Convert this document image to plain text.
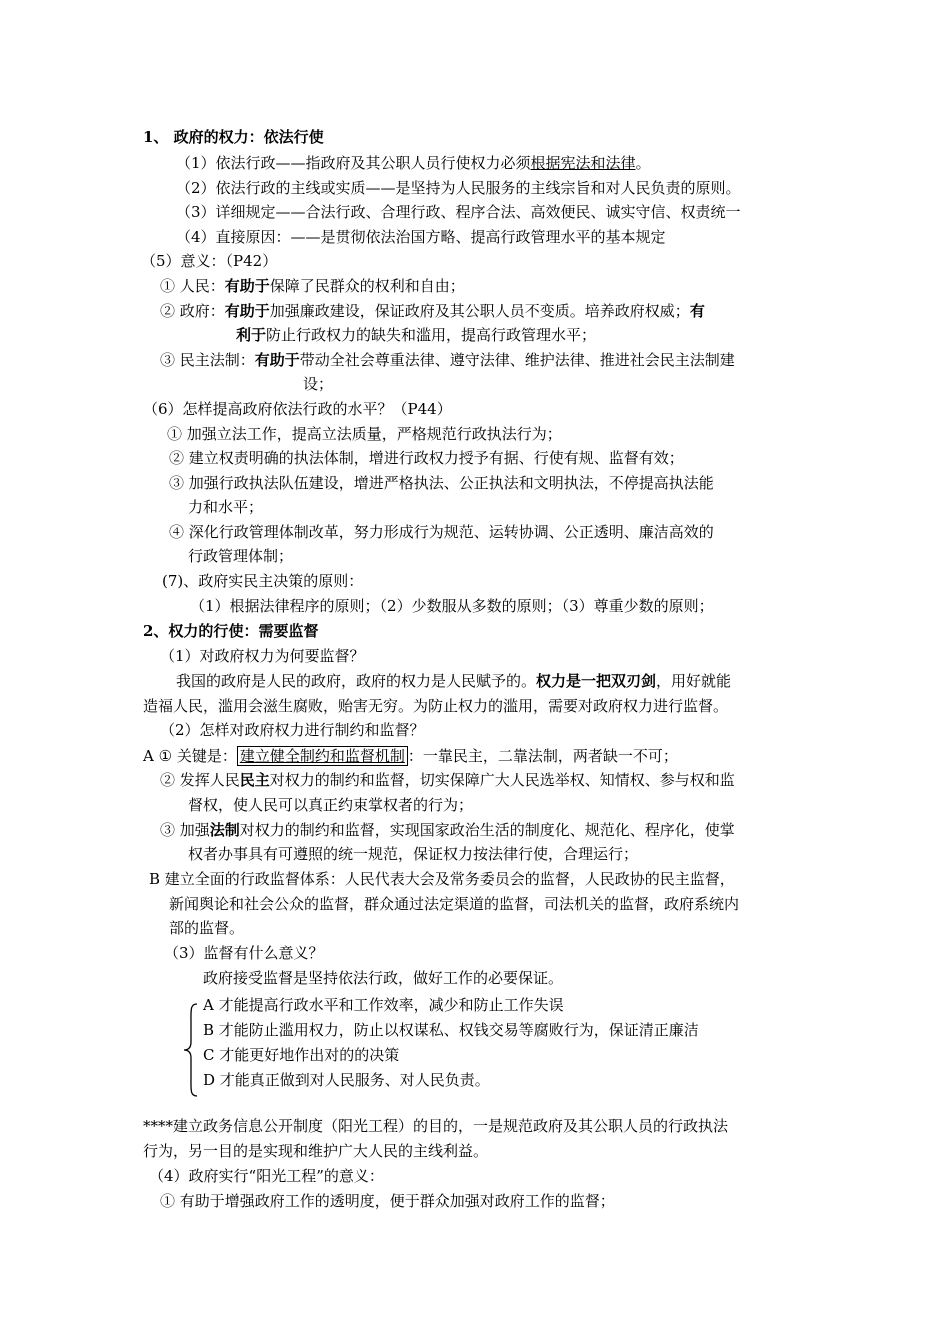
1、 政府的权力：依法行使
（1）依法行政——指政府及其公职人员行使权力必须根据宪法和法律。
（2）依法行政的主线或实质——是坚持为人民服务的主线宗旨和对人民负责的原则。
（3）详细规定——合法行政、合理行政、程序合法、高效便民、诚实守信、权责统一
（4）直接原因：——是贯彻依法治国方略、提高行政管理水平的基本规定
（5）意义：（P42）
① 人民：有助于保障了民群众的权利和自由；
② 政府：有助于加强廉政建设，保证政府及其公职人员不变质。培养政府权威；有
利于防止行政权力的缺失和滥用，提高行政管理水平；
③ 民主法制：有助于带动全社会尊重法律、遵守法律、维护法律、推进社会民主法制建
设；
（6）怎样提高政府依法行政的水平？（P44）
① 加强立法工作，提高立法质量，严格规范行政执法行为；
② 建立权责明确的执法体制，增进行政权力授予有据、行使有规、监督有效；
③ 加强行政执法队伍建设，增进严格执法、公正执法和文明执法，不停提高执法能
力和水平；
④ 深化行政管理体制改革，努力形成行为规范、运转协调、公正透明、廉洁高效的
行政管理体制；
(7)、政府实民主决策的原则：
（1）根据法律程序的原则；（2）少数服从多数的原则；（3）尊重少数的原则；
2、权力的行使：需要监督
（1）对政府权力为何要监督？
我国的政府是人民的政府，政府的权力是人民赋予的。权力是一把双刃剑，用好就能
造福人民，滥用会滋生腐败，贻害无穷。为防止权力的滥用，需要对政府权力进行监督。
（2）怎样对政府权力进行制约和监督？
A ① 关键是： 建立健全制约和监督机制 ：一靠民主，二靠法制，两者缺一不可；
② 发挥人民民主对权力的制约和监督，切实保障广大人民选举权、知情权、参与权和监
督权，使人民可以真正约束掌权者的行为；
③ 加强法制对权力的制约和监督，实现国家政治生活的制度化、规范化、程序化，使掌
权者办事具有可遵照的统一规范，保证权力按法律行使，合理运行；
B 建立全面的行政监督体系：人民代表大会及常务委员会的监督，人民政协的民主监督，
新闻舆论和社会公众的监督，群众通过法定渠道的监督，司法机关的监督，政府系统内
部的监督。
（3）监督有什么意义？
政府接受监督是坚持依法行政，做好工作的必要保证。
A 才能提高行政水平和工作效率，减少和防止工作失误
B 才能防止滥用权力，防止以权谋私、权钱交易等腐败行为，保证清正廉洁
C 才能更好地作出对的的决策
D 才能真正做到对人民服务、对人民负责。
****建立政务信息公开制度（阳光工程）的目的，一是规范政府及其公职人员的行政执法
行为，另一目的是实现和维护广大人民的主线利益。
（4）政府实行“阳光工程”的意义：
① 有助于增强政府工作的透明度，便于群众加强对政府工作的监督；
